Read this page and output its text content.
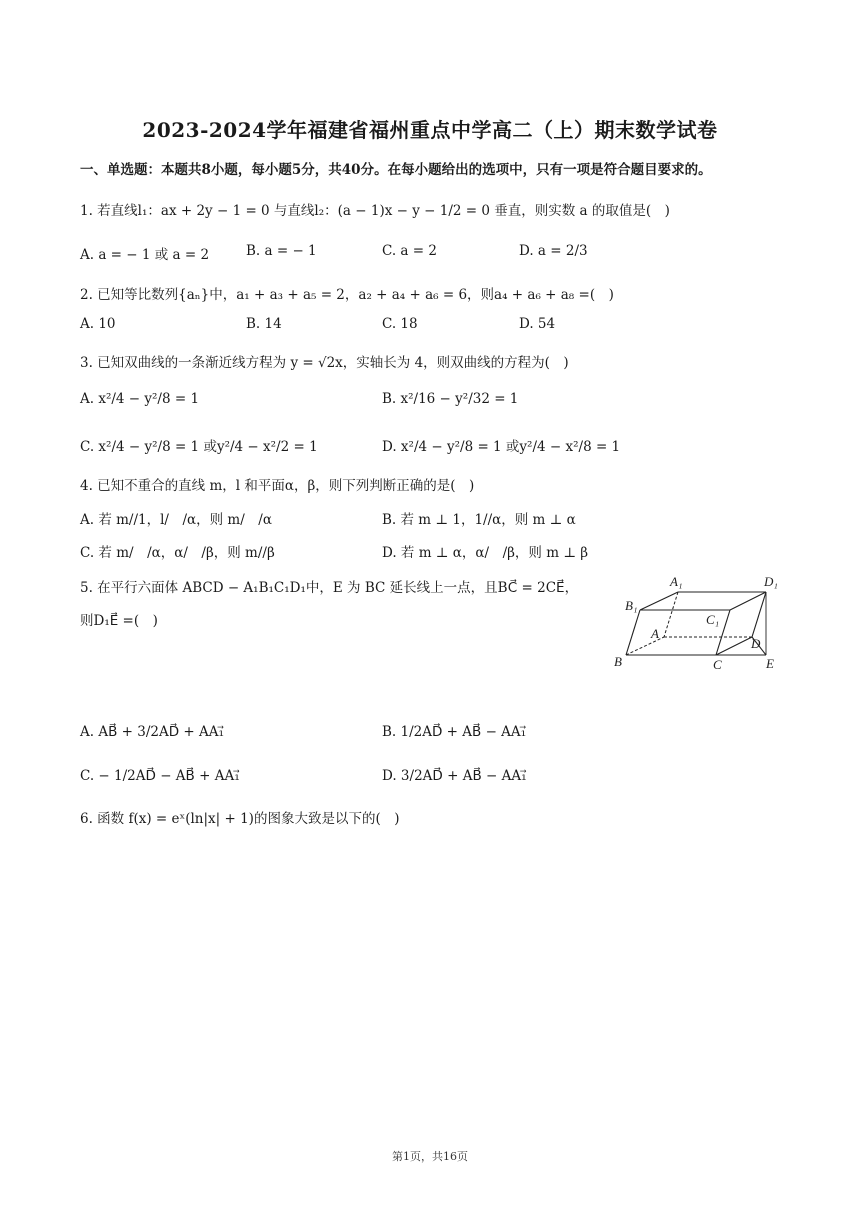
2023-2024学年福建省福州重点中学高二（上）期末数学试卷
一、单选题：本题共8小题，每小题5分，共40分。在每小题给出的选项中，只有一项是符合题目要求的。
1. 若直线l₁：ax + 2y − 1 = 0 与直线l₂：(a − 1)x − y − 1/2 = 0 垂直，则实数 a 的取值是(　)
A. a = − 1 或 a = 2	B. a = − 1	C. a = 2	D. a = 2/3
2. 已知等比数列{aₙ}中，a₁ + a₃ + a₅ = 2，a₂ + a₄ + a₆ = 6，则a₄ + a₆ + a₈ =(　)
A. 10	B. 14	C. 18	D. 54
3. 已知双曲线的一条渐近线方程为 y = √2x，实轴长为 4，则双曲线的方程为(　)
A. x²/4 − y²/8 = 1	B. x²/16 − y²/32 = 1
C. x²/4 − y²/8 = 1 或y²/4 − x²/2 = 1	D. x²/4 − y²/8 = 1 或y²/4 − x²/8 = 1
4. 已知不重合的直线 m，l 和平面α，β，则下列判断正确的是(　)
A. 若 m//1，l/　/α，则 m/　/α	B. 若 m ⊥ 1，1//α，则 m ⊥ α
C. 若 m/　/α，α/　/β，则 m//β	D. 若 m ⊥ α，α/　/β，则 m ⊥ β
5. 在平行六面体 ABCD − A₁B₁C₁D₁中，E 为 BC 延长线上一点，且BC⃗ = 2CE⃗，
则D₁E⃗ =(　)
A₁	D₁
B₁
C₁
A
D
B	C	E
A. AB⃗ + 3/2AD⃗ + AA₁⃗	B. 1/2AD⃗ + AB⃗ − AA₁⃗
C. − 1/2AD⃗ − AB⃗ + AA₁⃗	D. 3/2AD⃗ + AB⃗ − AA₁⃗
6. 函数 f(x) = eˣ(ln|x| + 1)的图象大致是以下的(　)
第1页，共16页
